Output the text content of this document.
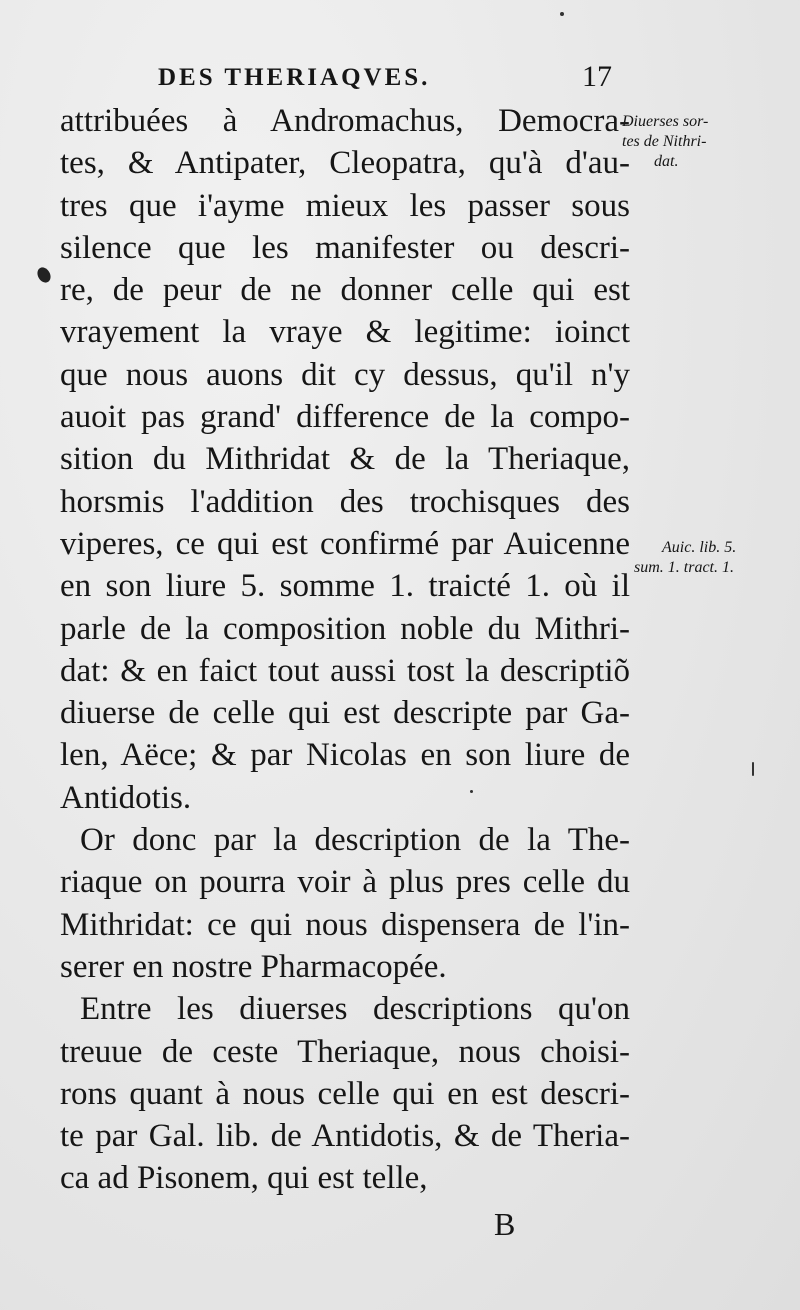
DES THERIAQVES.	17
attribuées à Andromachus, Democra-
tes, & Antipater, Cleopatra, qu'à d'au-
tres que i'ayme mieux les passer sous
silence que les manifester ou descri-
re, de peur de ne donner celle qui est
vrayement la vraye & legitime: ioinct
que nous auons dit cy dessus, qu'il n'y
auoit pas grand' difference de la compo-
sition du Mithridat & de la Theriaque,
horsmis l'addition des trochisques des
viperes, ce qui est confirmé par Auicenne
en son liure 5. somme 1. traicté 1. où il
parle de la composition noble du Mithri-
dat: & en faict tout aussi tost la descriptiõ
diuerse de celle qui est descripte par Ga-
len, Aëce; & par Nicolas en son liure de
Antidotis.
Or donc par la description de la The-
riaque on pourra voir à plus pres celle du
Mithridat: ce qui nous dispensera de l'in-
serer en nostre Pharmacopée.
Entre les diuerses descriptions qu'on
treuue de ceste Theriaque, nous choisi-
rons quant à nous celle qui en est descri-
te par Gal. lib. de Antidotis, & de Theria-
ca ad Pisonem, qui est telle,
Diuerses sor-
tes de Nithri-
dat.
Auic. lib. 5.
sum. 1. tract. 1.
B
